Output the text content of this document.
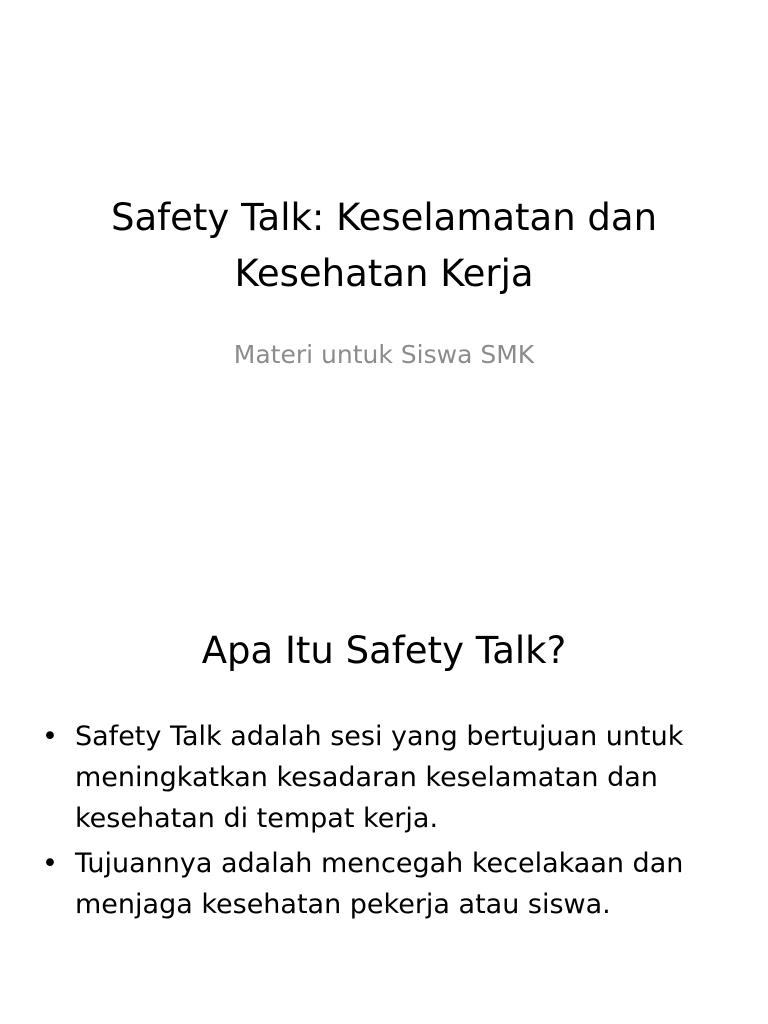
Safety Talk: Keselamatan dan Kesehatan Kerja

Materi untuk Siswa SMK

Apa Itu Safety Talk?
• Safety Talk adalah sesi yang bertujuan untuk meningkatkan kesadaran keselamatan dan kesehatan di tempat kerja.
• Tujuannya adalah mencegah kecelakaan dan menjaga kesehatan pekerja atau siswa.
